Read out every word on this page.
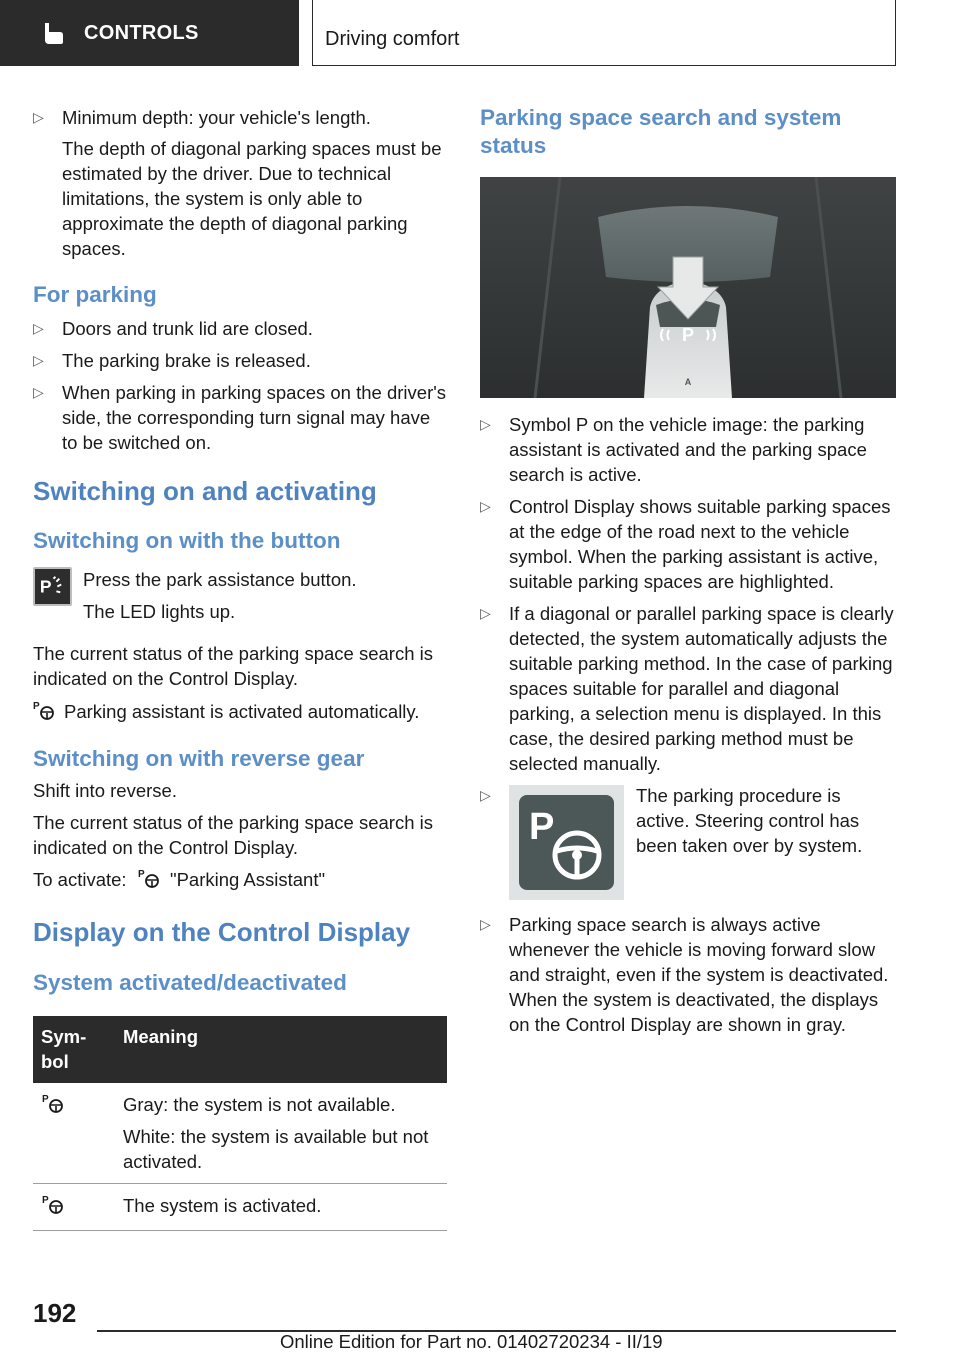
CONTROLS	Driving comfort
▷ Minimum depth: your vehicle's length.
The depth of diagonal parking spaces must be estimated by the driver. Due to technical limitations, the system is only able to approximate the depth of diagonal parking spaces.
For parking
▷ Doors and trunk lid are closed.
▷ The parking brake is released.
▷ When parking in parking spaces on the driver's side, the corresponding turn signal may have to be switched on.
Switching on and activating
Switching on with the button
P Press the park assistance button.

The LED lights up.

The current status of the parking space search is indicated on the Control Display.

P Parking assistant is activated automatically.

Switching on with reverse gear

Shift into reverse.

The current status of the parking space search is indicated on the Control Display.

To activate: P "Parking Assistant"

Display on the Control Display
System activated/deactivated
Sym-bol	Meaning

P	Gray: the system is not available.
White: the system is available but not activated.

P	The system is activated.
Parking space search and system status
P
A
▷ Symbol P on the vehicle image: the parking assistant is activated and the parking space search is active.
▷ Control Display shows suitable parking spaces at the edge of the road next to the vehicle symbol. When the parking assistant is active, suitable parking spaces are highlighted.
▷ If a diagonal or parallel parking space is clearly detected, the system automatically adjusts the suitable parking method. In the case of parking spaces suitable for parallel and diagonal parking, a selection menu is displayed. In this case, the desired parking method must be selected manually.
▷
P
The parking procedure is active. Steering control has been taken over by system.
▷ Parking space search is always active whenever the vehicle is moving forward slow and straight, even if the system is deactivated. When the system is deactivated, the displays on the Control Display are shown in gray.
192
Online Edition for Part no. 01402720234 - II/19
